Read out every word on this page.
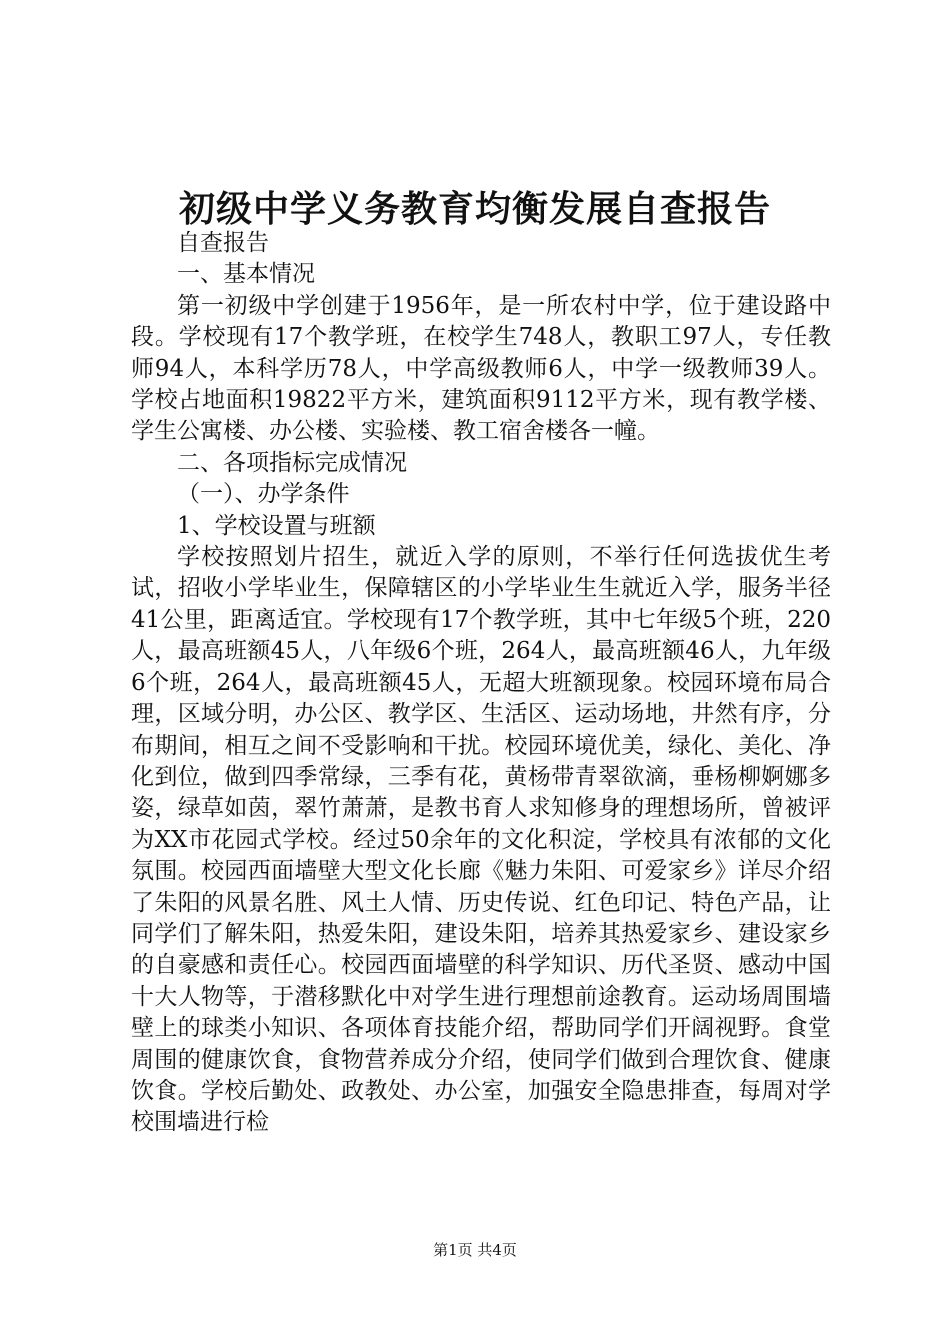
初级中学义务教育均衡发展自查报告

自查报告

一、基本情况

第一初级中学创建于1956年，是一所农村中学，位于建设路中段。学校现有17个教学班，在校学生748人，教职工97人，专任教师94人，本科学历78人，中学高级教师6人，中学一级教师39人。学校占地面积19822平方米，建筑面积9112平方米，现有教学楼、学生公寓楼、办公楼、实验楼、教工宿舍楼各一幢。

二、各项指标完成情况

（一）、办学条件

1、学校设置与班额

学校按照划片招生，就近入学的原则，不举行任何选拔优生考试，招收小学毕业生，保障辖区的小学毕业生生就近入学，服务半径41公里，距离适宜。学校现有17个教学班，其中七年级5个班，220人，最高班额45人，八年级6个班，264人，最高班额46人，九年级6个班，264人，最高班额45人，无超大班额现象。校园环境布局合理，区域分明，办公区、教学区、生活区、运动场地，井然有序，分布期间，相互之间不受影响和干扰。校园环境优美，绿化、美化、净化到位，做到四季常绿，三季有花，黄杨带青翠欲滴，垂杨柳婀娜多姿，绿草如茵，翠竹萧萧，是教书育人求知修身的理想场所，曾被评为XX市花园式学校。经过50余年的文化积淀，学校具有浓郁的文化氛围。校园西面墙壁大型文化长廊《魅力朱阳、可爱家乡》详尽介绍了朱阳的风景名胜、风土人情、历史传说、红色印记、特色产品，让同学们了解朱阳，热爱朱阳，建设朱阳，培养其热爱家乡、建设家乡的自豪感和责任心。校园西面墙壁的科学知识、历代圣贤、感动中国十大人物等，于潜移默化中对学生进行理想前途教育。运动场周围墙壁上的球类小知识、各项体育技能介绍，帮助同学们开阔视野。食堂周围的健康饮食，食物营养成分介绍，使同学们做到合理饮食、健康饮食。学校后勤处、政教处、办公室，加强安全隐患排查，每周对学校围墙进行检

第1页 共4页
